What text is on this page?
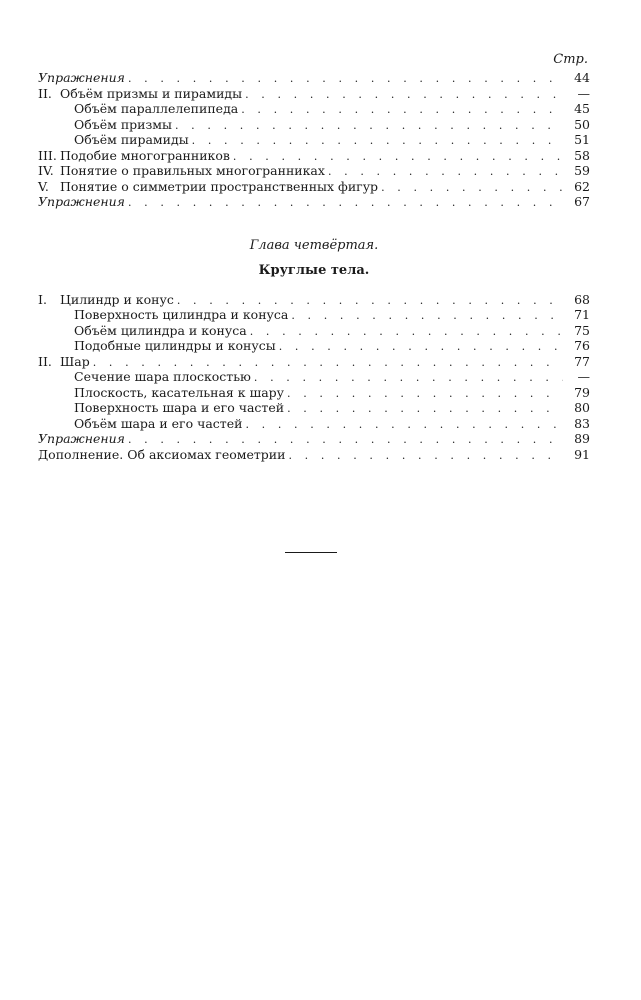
Стр.
Упражнения . . .	44
II. Объём призмы и пирамиды . . .	—
Объём параллелепипеда . . .	45
Объём призмы . . .	50
Объём пирамиды . . .	51
III. Подобие многогранников . . .	58
IV. Понятие о правильных многогранниках . . .	59
V. Понятие о симметрии пространственных фигур . . .	62
Упражнения . . .	67
Глава четвёртая.
Круглые тела.
I. Цилиндр и конус . . .	68
Поверхность цилиндра и конуса . . .	71
Объём цилиндра и конуса . . .	75
Подобные цилиндры и конусы . . .	76
II. Шар . . .	77
Сечение шара плоскостью . . .	—
Плоскость, касательная к шару . . .	79
Поверхность шара и его частей . . .	80
Объём шара и его частей . . .	83
Упражнения . . .	89
Дополнение. Об аксиомах геометрии . . .	91
